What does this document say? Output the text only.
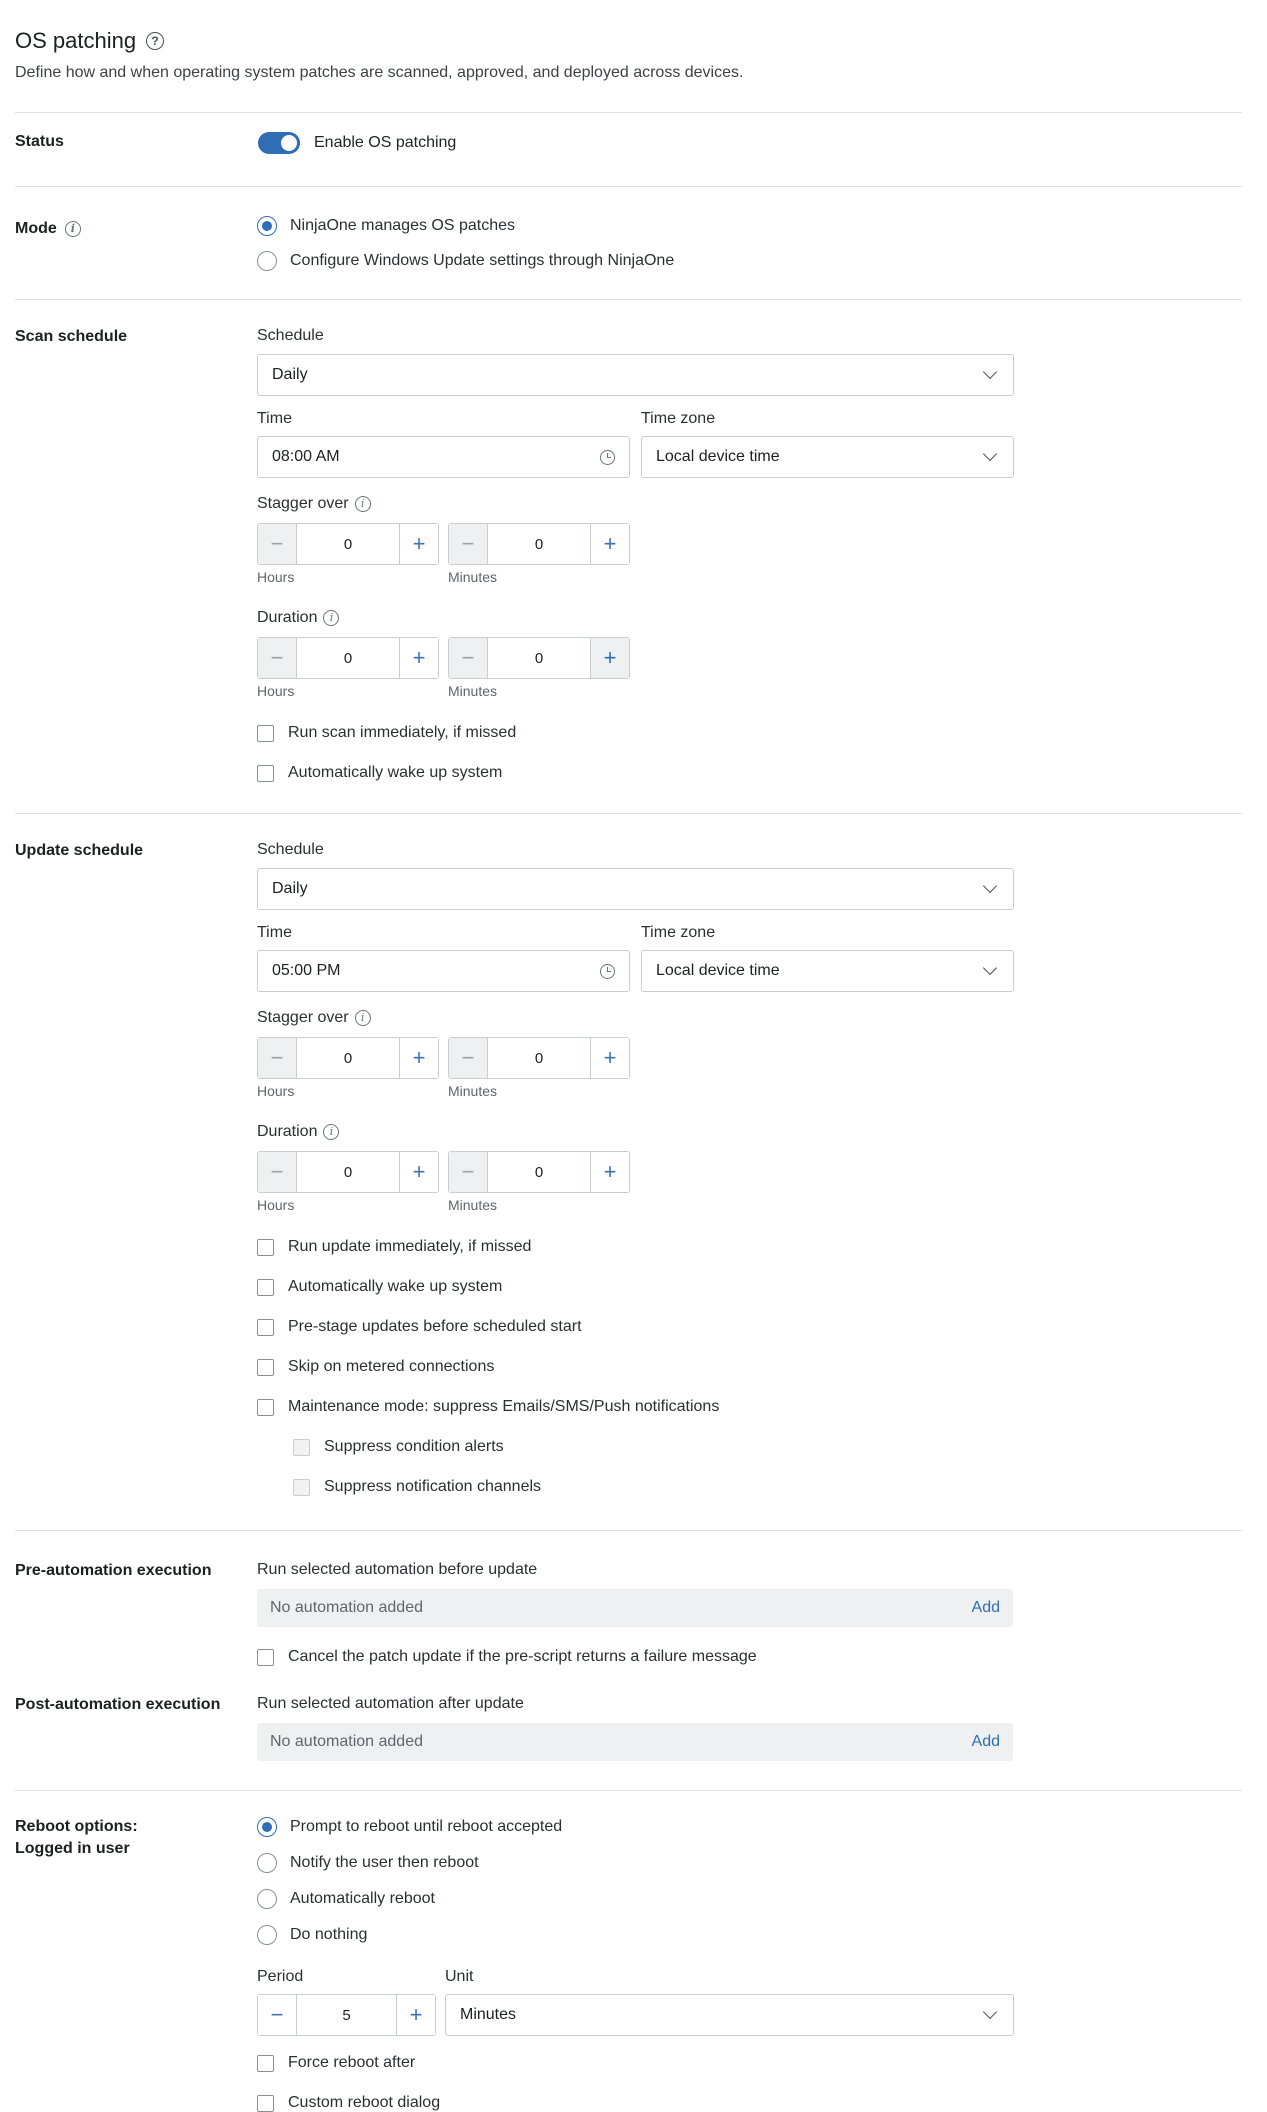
OS patching	?
Define how and when operating system patches are scanned, approved, and deployed across devices.
Status	Enable OS patching
Mode i	NinjaOne manages OS patches
Configure Windows Update settings through NinjaOne
Scan schedule	Schedule
Daily
Time
08:00 AM
Time zone
Local device time
Stagger over i
−	0	+	−	0	+
Hours	Minutes
Duration i
−	0	+	−	0	+
Hours	Minutes
Run scan immediately, if missed
Automatically wake up system
Update schedule	Schedule
Daily
Time
05:00 PM
Time zone
Local device time
Stagger over i
−	0	+	−	0	+
Hours	Minutes
Duration i
−	0	+	−	0	+
Hours	Minutes
Run update immediately, if missed
Automatically wake up system
Pre-stage updates before scheduled start
Skip on metered connections
Maintenance mode: suppress Emails/SMS/Push notifications
Suppress condition alerts
Suppress notification channels
Pre-automation execution	Run selected automation before update
No automation added	Add
Cancel the patch update if the pre-script returns a failure message
Post-automation execution Run selected automation after update
No automation added	Add
Reboot options:
Logged in user
Prompt to reboot until reboot accepted
Notify the user then reboot
Automatically reboot
Do nothing
Period
−	5	+
Unit
Minutes
Force reboot after
Custom reboot dialog
